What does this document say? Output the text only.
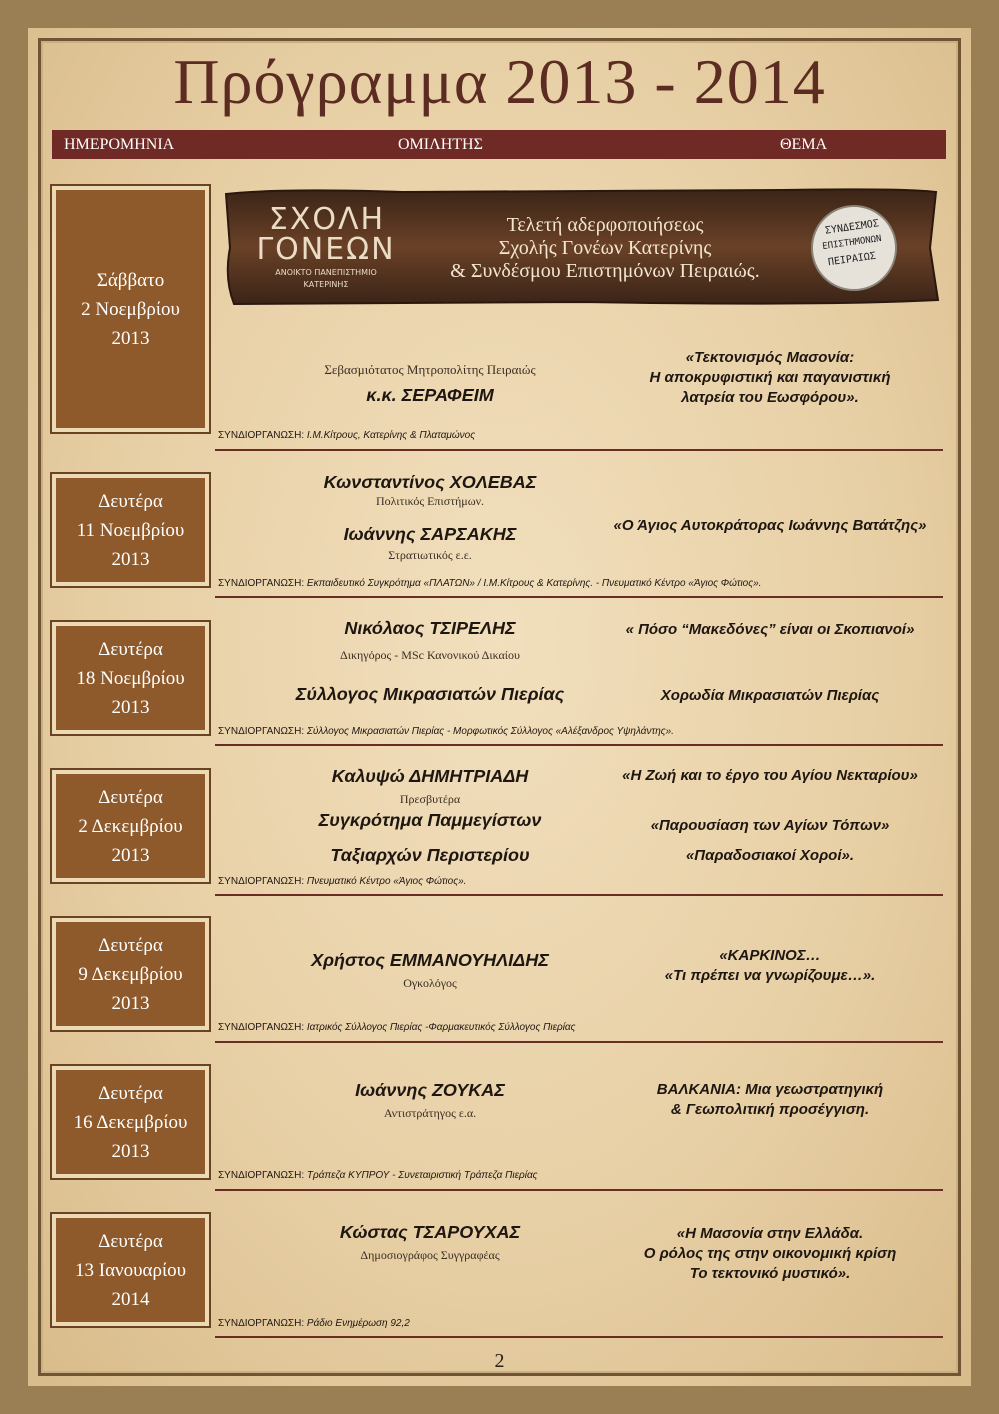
Πρόγραμμα 2013 - 2014
ΗΜΕΡΟΜΗΝΙΑ	ΟΜΙΛΗΤΗΣ	ΘΕΜΑ
ΣΧΟΛΗ
ΓΟΝΕΩΝ
ΑΝΟΙΚΤΟ ΠΑΝΕΠΙΣΤΗΜΙΟ
ΚΑΤΕΡΙΝΗΣ
Τελετή αδερφοποιήσεως
Σχολής Γονέων Κατερίνης
& Συνδέσμου Επιστημόνων Πειραιώς.
ΣΥΝΔΕΣΜΟΣ
ΕΠΙΣΤΗΜΟΝΩΝ
ΠΕΙΡΑΙΩΣ
Σάββατο
2 Νοεμβρίου
2013
Σεβασμιότατος Μητροπολίτης Πειραιώς
κ.κ. ΣΕΡΑΦΕΙΜ
«Τεκτονισμός Μασονία:
Η αποκρυφιστική και παγανιστική
λατρεία του Εωσφόρου».
ΣΥΝΔΙΟΡΓΑΝΩΣΗ: Ι.Μ.Κίτρους, Κατερίνης & Πλαταμώνος
Δευτέρα
11 Νοεμβρίου
2013
Κωνσταντίνος ΧΟΛΕΒΑΣ
Πολιτικός Επιστήμων.
Ιωάννης ΣΑΡΣΑΚΗΣ
Στρατιωτικός ε.ε.
«Ο Άγιος Αυτοκράτορας Ιωάννης Βατάτζης»
ΣΥΝΔΙΟΡΓΑΝΩΣΗ: Εκπαιδευτικό Συγκρότημα «ΠΛΑΤΩΝ» / Ι.Μ.Κίτρους & Κατερίνης. - Πνευματικό Κέντρο «Άγιος Φώτιος».
Δευτέρα
18 Νοεμβρίου
2013
Νικόλαος ΤΣΙΡΕΛΗΣ
Δικηγόρος - MSc Κανονικού Δικαίου
Σύλλογος Μικρασιατών Πιερίας
« Πόσο “Μακεδόνες” είναι οι Σκοπιανοί»
Χορωδία Μικρασιατών Πιερίας
ΣΥΝΔΙΟΡΓΑΝΩΣΗ: Σύλλογος Μικρασιατών Πιερίας - Μορφωτικός Σύλλογος «Αλέξανδρος Υψηλάντης».
Δευτέρα
2 Δεκεμβρίου
2013
Καλυψώ ΔΗΜΗΤΡΙΑΔΗ
Πρεσβυτέρα
Συγκρότημα Παμμεγίστων
Ταξιαρχών Περιστερίου
«Η Ζωή και το έργο του Αγίου Νεκταρίου»
«Παρουσίαση των Αγίων Τόπων»
«Παραδοσιακοί Χοροί».
ΣΥΝΔΙΟΡΓΑΝΩΣΗ: Πνευματικό Κέντρο «Άγιος Φώτιος».
Δευτέρα
9 Δεκεμβρίου
2013
Χρήστος ΕΜΜΑΝΟΥΗΛΙΔΗΣ
Ογκολόγος
«ΚΑΡΚΙΝΟΣ…
«Τι πρέπει να γνωρίζουμε…».
ΣΥΝΔΙΟΡΓΑΝΩΣΗ: Ιατρικός Σύλλογος Πιερίας -Φαρμακευτικός Σύλλογος Πιερίας
Δευτέρα
16 Δεκεμβρίου
2013
Ιωάννης ΖΟΥΚΑΣ
Αντιστράτηγος ε.α.
ΒΑΛΚΑΝΙΑ: Μια γεωστρατηγική
& Γεωπολιτική προσέγγιση.
ΣΥΝΔΙΟΡΓΑΝΩΣΗ: Τράπεζα ΚΥΠΡΟΥ - Συνεταιριστική Τράπεζα Πιερίας
Δευτέρα
13 Ιανουαρίου
2014
Κώστας ΤΣΑΡΟΥΧΑΣ
Δημοσιογράφος Συγγραφέας
«Η Μασονία στην Ελλάδα.
Ο ρόλος της στην οικονομική κρίση
Το τεκτονικό μυστικό».
ΣΥΝΔΙΟΡΓΑΝΩΣΗ: Ράδιο Ενημέρωση 92,2
2
